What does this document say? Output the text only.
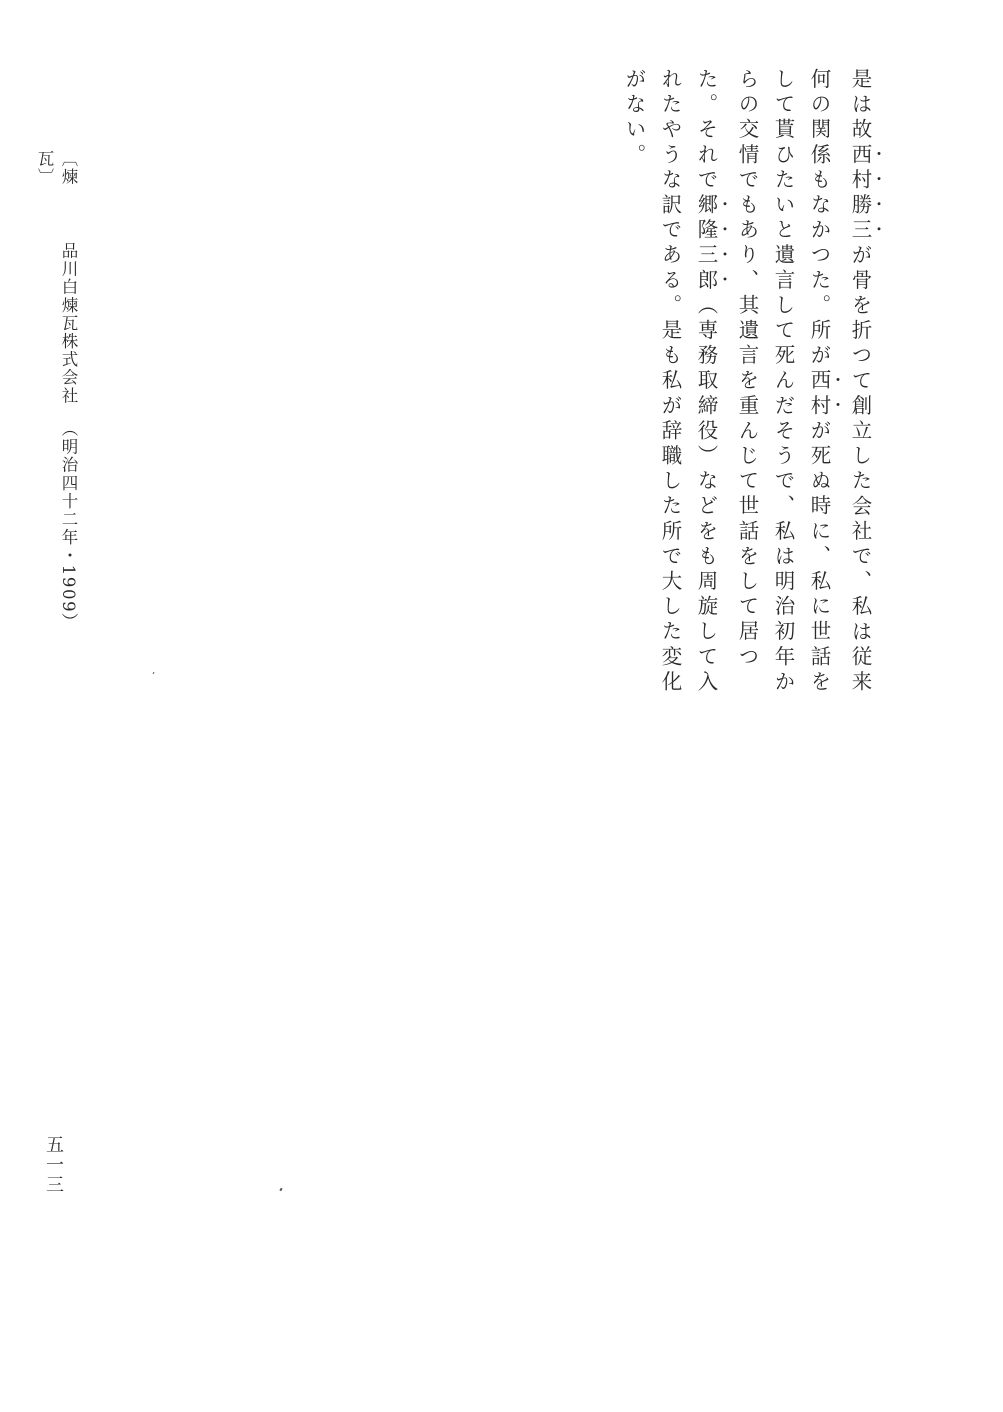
〔煉　瓦〕
品川白煉瓦株式会社
（明治四十二年・1909）

是は故西村勝三が骨を折つて創立した会社で、私は従来何の関係もなかつた。所が西村が死ぬ時に、私に世話をして貰ひたいと遺言して死んだそうで、私は明治初年からの交情でもあり、其遺言を重んじて世話をして居つた。それで郷隆三郎（専務取締役）などをも周旋して入れたやうな訳である。是も私が辞職した所で大した変化がない。

五一三
